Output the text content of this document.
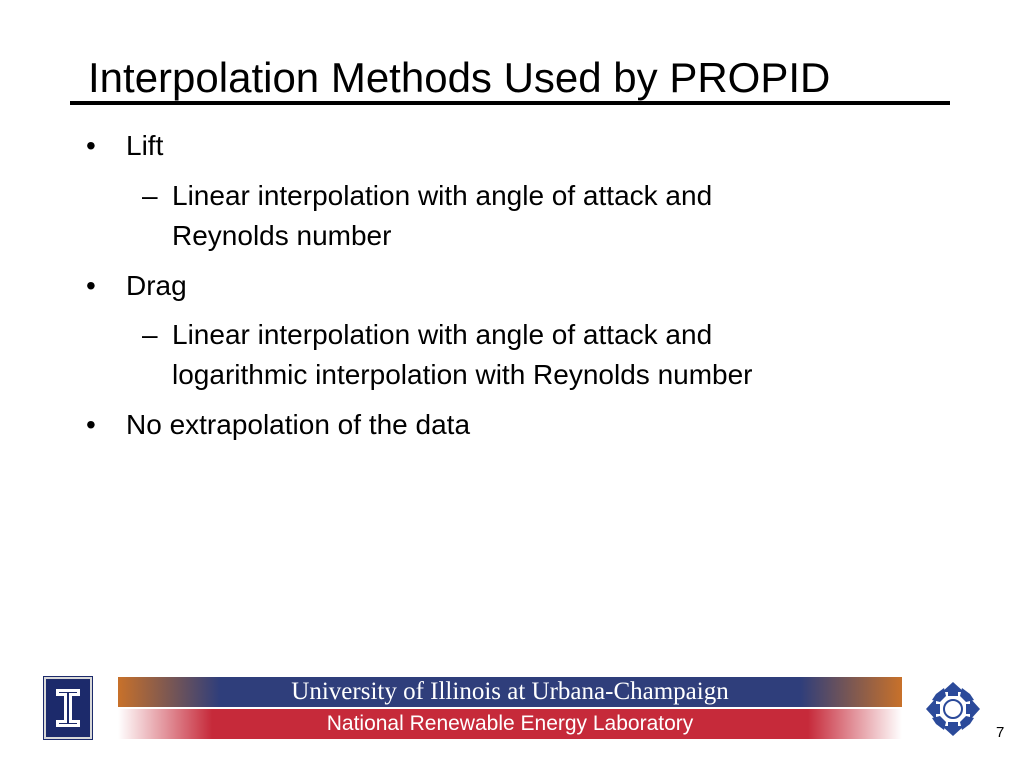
Interpolation Methods Used by PROPID
• Lift
– Linear interpolation with angle of attack and
Reynolds number
• Drag
– Linear interpolation with angle of attack and
logarithmic interpolation with Reynolds number
• No extrapolation of the data
University of Illinois at Urbana-Champaign
National Renewable Energy Laboratory	7
